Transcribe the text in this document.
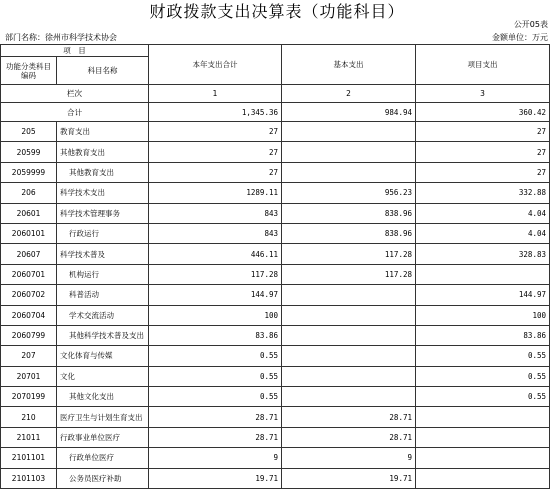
财政拨款支出决算表（功能科目）
公开05表
部门名称：徐州市科学技术协会	金额单位：万元
项　目		本年支出合计	基本支出	项目支出
功能分类科目编码	科目名称			

栏次		1	2	3
合计		1,345.36	984.94	360.42
205	教育支出	27		27
20599	其他教育支出	27		27
2059999	其他教育支出	27		27
206	科学技术支出	1289.11	956.23	332.88
20601	科学技术管理事务	843	838.96	4.04
2060101	行政运行	843	838.96	4.04
20607	科学技术普及	446.11	117.28	328.83
2060701	机构运行	117.28	117.28	
2060702	科普活动	144.97		144.97
2060704	学术交流活动	100		100
2060799	其他科学技术普及支出	83.86		83.86
207	文化体育与传媒	0.55		0.55
20701	文化	0.55		0.55
2070199	其他文化支出	0.55		0.55
210	医疗卫生与计划生育支出	28.71	28.71	
21011	行政事业单位医疗	28.71	28.71	
2101101	行政单位医疗	9	9	
2101103	公务员医疗补助	19.71	19.71	
